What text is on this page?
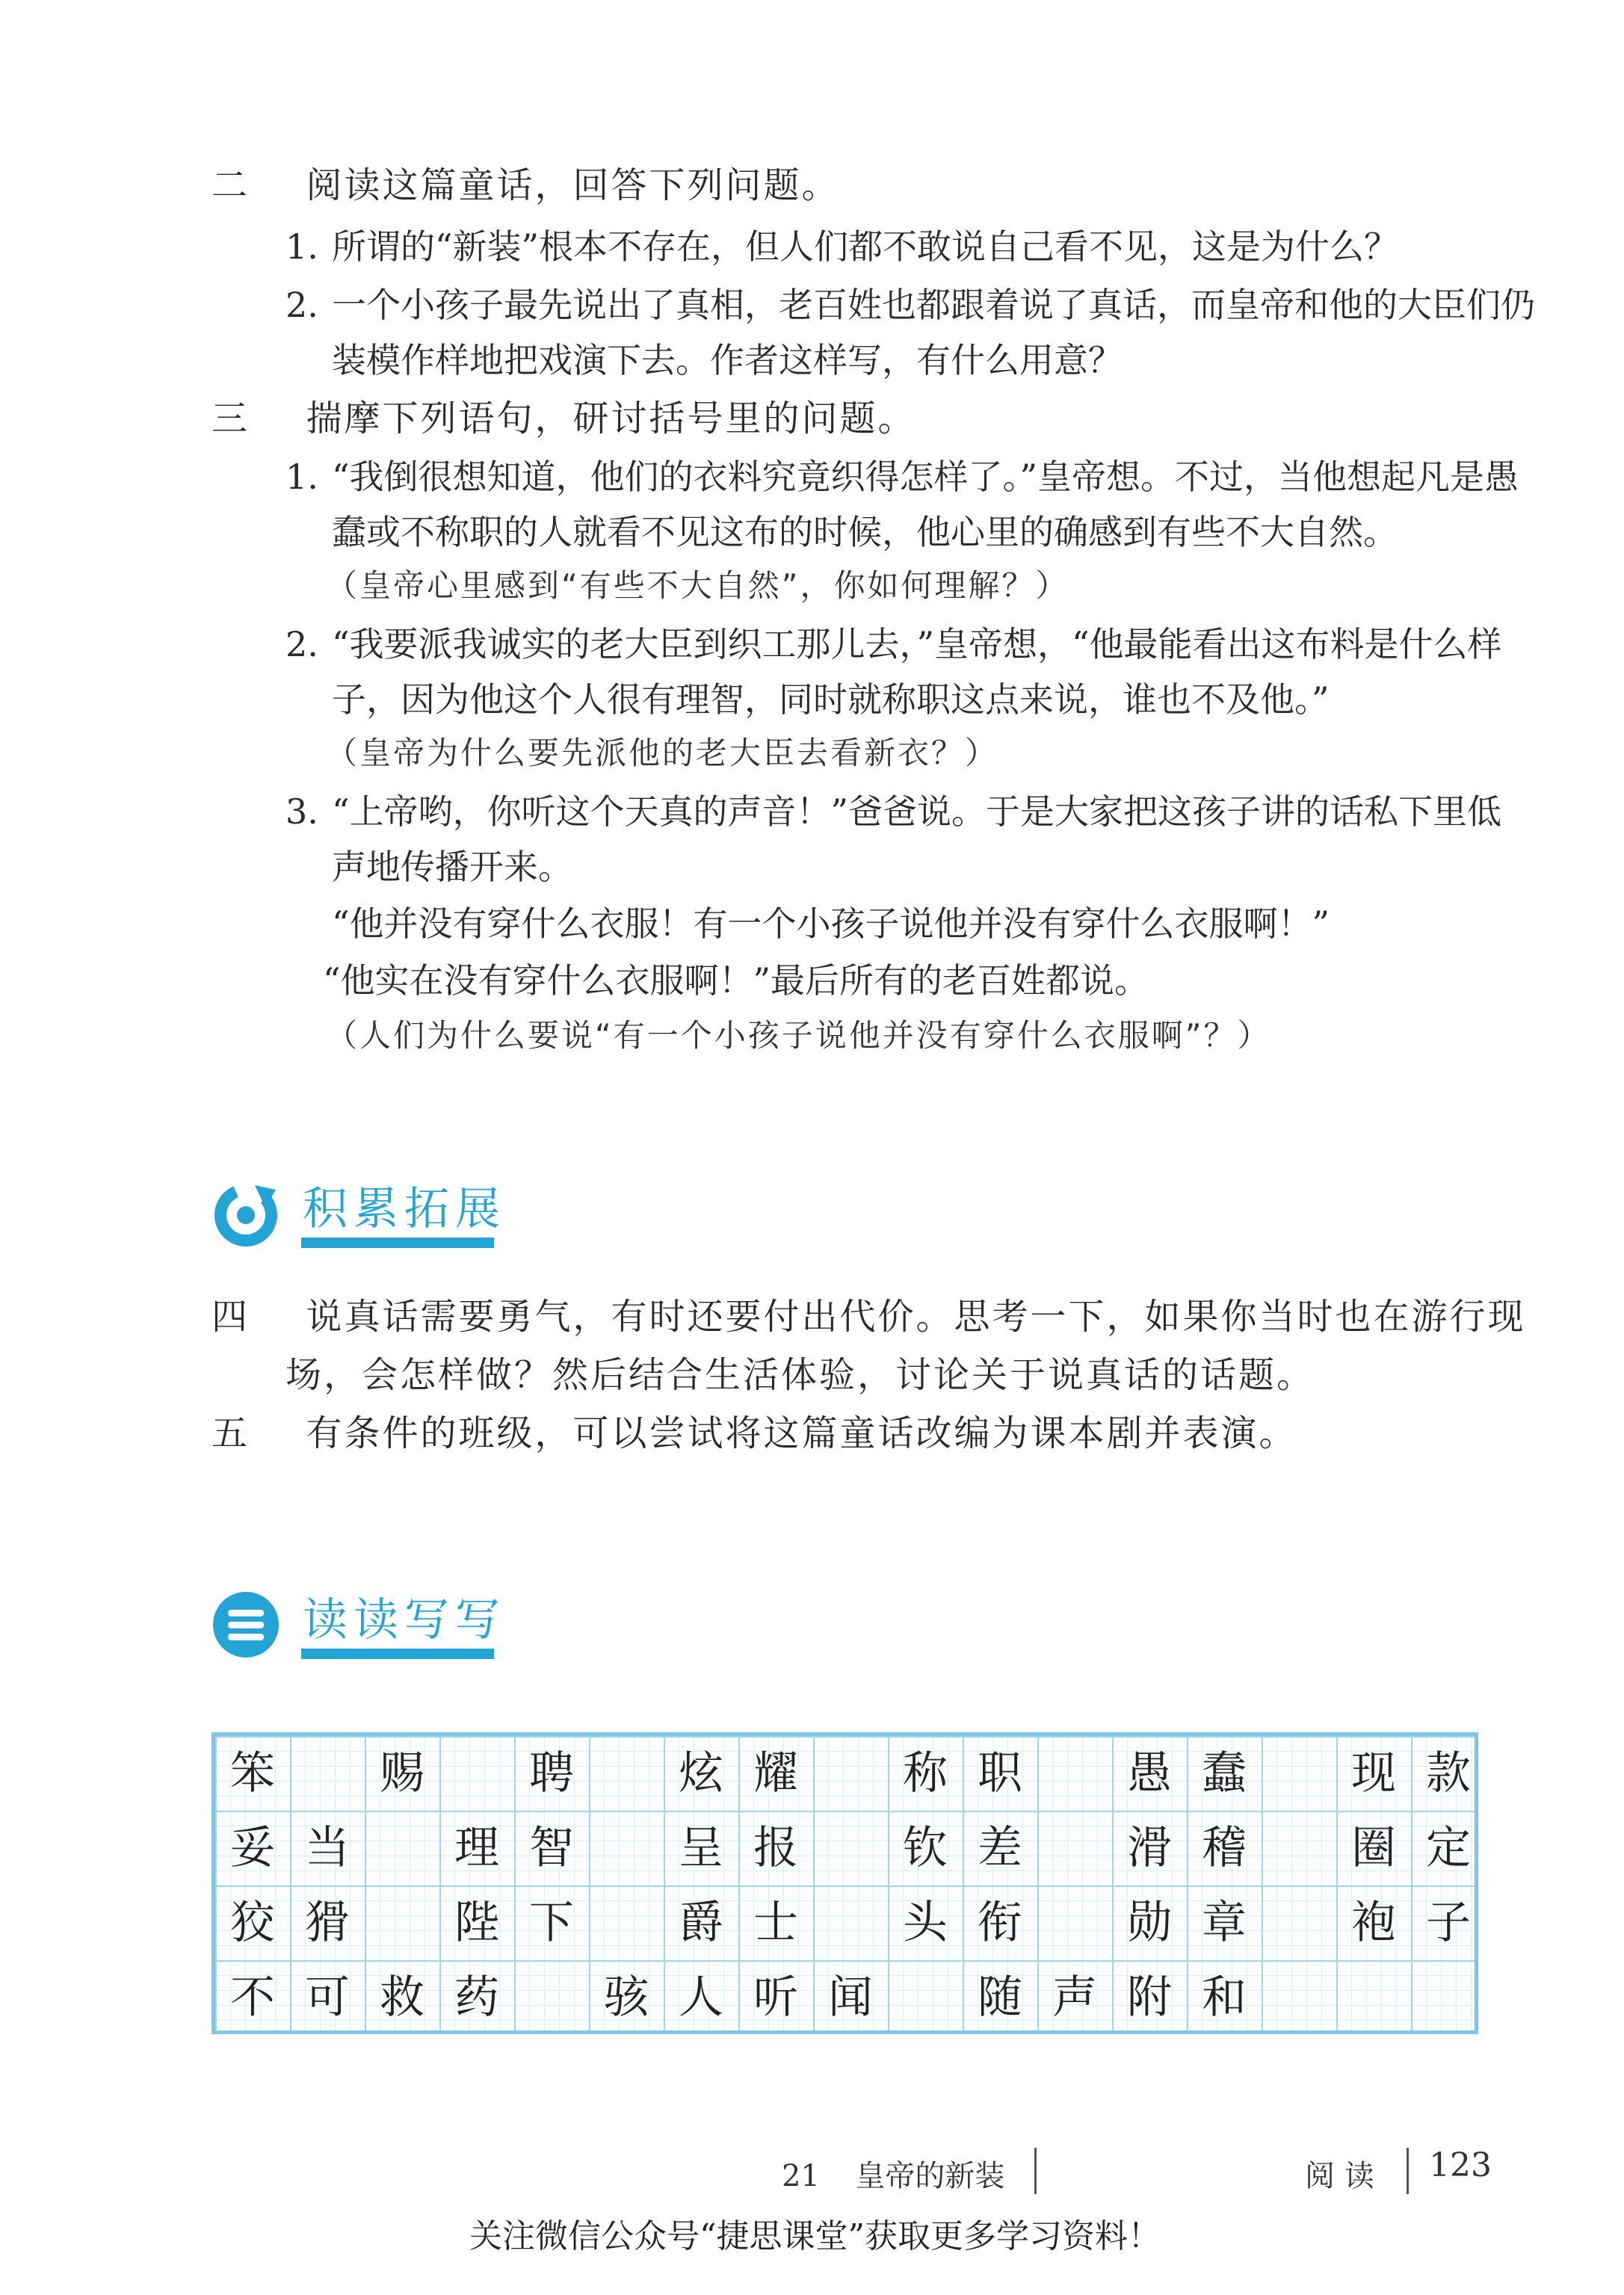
二 阅读这篇童话，回答下列问题。
1. 所谓的“新装”根本不存在，但人们都不敢说自己看不见，这是为什么？
2. 一个小孩子最先说出了真相，老百姓也都跟着说了真话，而皇帝和他的大臣们仍
装模作样地把戏演下去。作者这样写，有什么用意？
三 揣摩下列语句，研讨括号里的问题。
1. “我倒很想知道，他们的衣料究竟织得怎样了。”皇帝想。不过，当他想起凡是愚
蠢或不称职的人就看不见这布的时候，他心里的确感到有些不大自然。
（皇帝心里感到“有些不大自然”，你如何理解？）
2. “我要派我诚实的老大臣到织工那儿去，”皇帝想，“他最能看出这布料是什么样
子，因为他这个人很有理智，同时就称职这点来说，谁也不及他。”
（皇帝为什么要先派他的老大臣去看新衣？）
3. “上帝哟，你听这个天真的声音！”爸爸说。于是大家把这孩子讲的话私下里低
声地传播开来。
“他并没有穿什么衣服！有一个小孩子说他并没有穿什么衣服啊！”
“他实在没有穿什么衣服啊！”最后所有的老百姓都说。
（人们为什么要说“有一个小孩子说他并没有穿什么衣服啊”？）
积累拓展
四 说真话需要勇气，有时还要付出代价。思考一下，如果你当时也在游行现
场，会怎样做？然后结合生活体验，讨论关于说真话的话题。
五 有条件的班级，可以尝试将这篇童话改编为课本剧并表演。
读读写写
笨	赐	聘	炫 耀	称 职	愚 蠢	现 款
妥 当	理 智	呈 报	钦 差	滑 稽	圈 定
狡 猾	陛 下	爵 士	头 衔	勋 章	袍 子
不 可 救 药	骇 人 听 闻	随 声 附 和
21 皇帝的新装	阅 读 123
关注微信公众号“捷思课堂”获取更多学习资料！
